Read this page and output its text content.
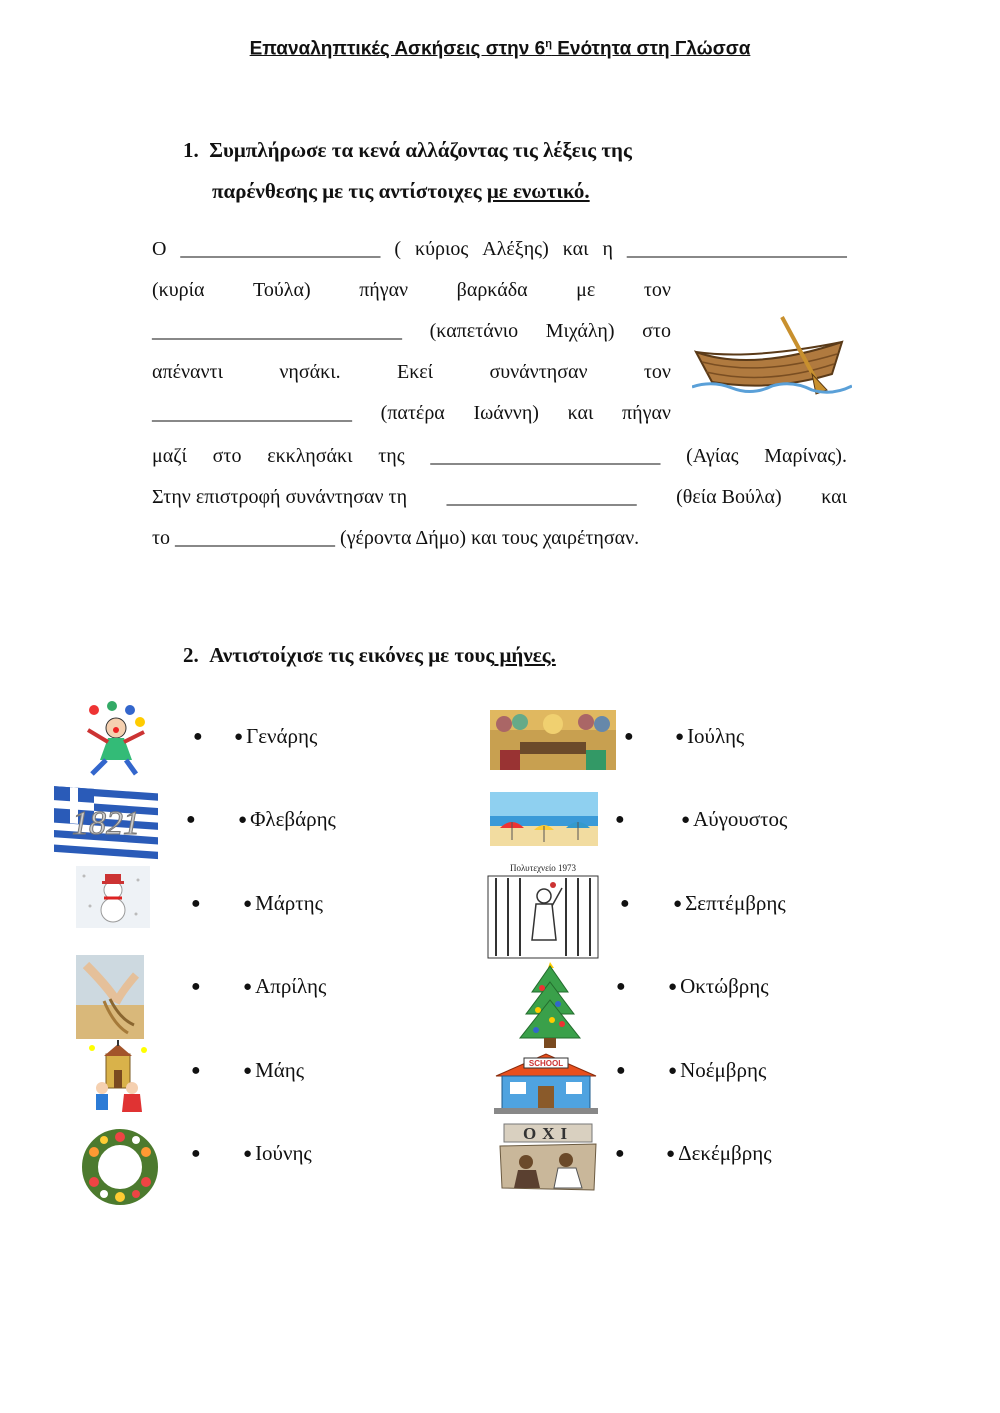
Επαναληπτικές Ασκήσεις στην $6^\eta$ Ενότητα στη Γλώσσα
1. Συμπλήρωσε τα κενά αλλάζοντας τις λέξεις της
παρένθεσης με τις αντίστοιχες με ενωτικό.
Ο ____________________ ( κύριος Αλέξης) και η ______________________
(κυρία Τούλα) πήγαν βαρκάδα με τον
_________________________ (καπετάνιο Μιχάλη) στο
απέναντι	νησάκι.	Εκεί	συνάντησαν	τον
____________________ (πατέρα Ιωάννη) και πήγαν
μαζί στο εκκλησάκι της _______________________ (Αγίας Μαρίνας).
Στην επιστροφή συνάντησαν τη ___________________ (θεία Βούλα) και
το ________________ (γέροντα Δήμο) και τους χαιρέτησαν.
2. Αντιστοίχισε τις εικόνες με τους μήνες.
1821
●
●
●
●
●
●
● Γενάρης
● Φλεβάρης
● Μάρτης
● Απρίλης
● Μάης
● Ιούνης
Πολυτεχνείο 1973
SCHOOL
ΟΧΙ
●
●
●
●
●
●
● Ιούλης
● Αύγουστος
● Σεπτέμβρης
● Οκτώβρης
● Νοέμβρης
● Δεκέμβρης
